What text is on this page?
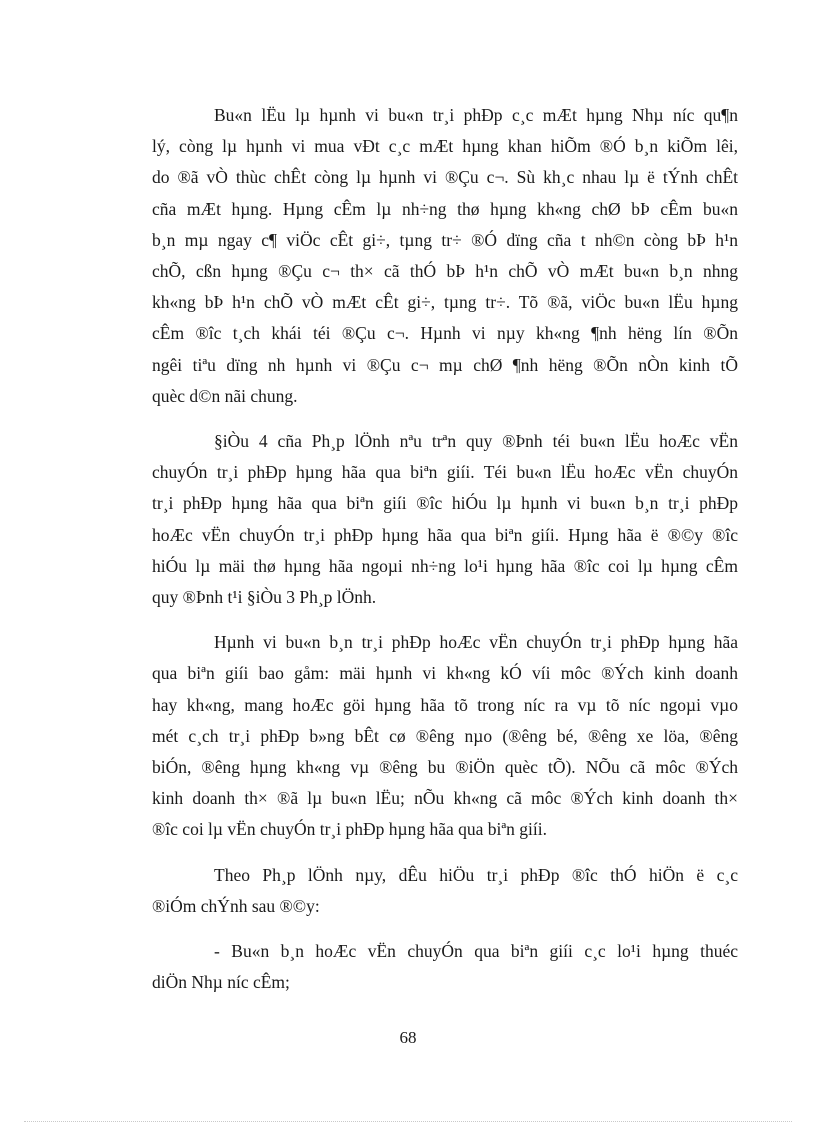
Bu«n lËu lµ hµnh vi bu«n tr¸i phÐp c¸c mÆt hµng Nhµ níc qu¶n
lý, còng lµ hµnh vi mua vÐt c¸c mÆt hµng khan hiÕm ®Ó b¸n kiÕm lêi,
do ®ã vÒ thùc chÊt còng lµ hµnh vi ®Çu c¬. Sù kh¸c nhau lµ ë tÝnh chÊt
cña mÆt hµng. Hµng cÊm lµ nh÷ng thø hµng kh«ng chØ bÞ cÊm bu«n
b¸n mµ ngay c¶ viÖc cÊt gi÷, tµng tr÷ ®Ó dïng cña t nh©n còng bÞ h¹n
chÕ, cßn hµng ®Çu c¬ th× cã thÓ bÞ h¹n chÕ vÒ mÆt bu«n b¸n nhng
kh«ng bÞ h¹n chÕ vÒ mÆt cÊt gi÷, tµng tr÷. Tõ ®ã, viÖc bu«n lËu hµng
cÊm ®îc t¸ch khái téi ®Çu c¬. Hµnh vi nµy kh«ng ¶nh hëng lín ®Õn
ngêi tiªu dïng nh hµnh vi ®Çu c¬ mµ chØ ¶nh hëng ®Õn nÒn kinh tÕ
quèc d©n nãi chung.

§iÒu 4 cña Ph¸p lÖnh nªu trªn quy ®Þnh téi bu«n lËu hoÆc vËn
chuyÓn tr¸i phÐp hµng hãa qua biªn giíi. Téi bu«n lËu hoÆc vËn chuyÓn
tr¸i phÐp hµng hãa qua biªn giíi ®îc hiÓu lµ hµnh vi bu«n b¸n tr¸i phÐp
hoÆc vËn chuyÓn tr¸i phÐp hµng hãa qua biªn giíi. Hµng hãa ë ®©y ®îc
hiÓu lµ mäi thø hµng hãa ngoµi nh÷ng lo¹i hµng hãa ®îc coi lµ hµng cÊm
quy ®Þnh t¹i §iÒu 3 Ph¸p lÖnh.

Hµnh vi bu«n b¸n tr¸i phÐp hoÆc vËn chuyÓn tr¸i phÐp hµng hãa
qua biªn giíi bao gåm: mäi hµnh vi kh«ng kÓ víi môc ®Ých kinh doanh
hay kh«ng, mang hoÆc göi hµng hãa tõ trong níc ra vµ tõ níc ngoµi vµo
mét c¸ch tr¸i phÐp b»ng bÊt cø ®êng nµo (®êng bé, ®êng xe löa, ®êng
biÓn, ®êng hµng kh«ng vµ ®êng bu ®iÖn quèc tÕ). NÕu cã môc ®Ých
kinh doanh th× ®ã lµ bu«n lËu; nÕu kh«ng cã môc ®Ých kinh doanh th×
®îc coi lµ vËn chuyÓn tr¸i phÐp hµng hãa qua biªn giíi.

Theo Ph¸p lÖnh nµy, dÊu hiÖu tr¸i phÐp ®îc thÓ hiÖn ë c¸c
®iÓm chÝnh sau ®©y:

- Bu«n b¸n hoÆc vËn chuyÓn qua biªn giíi c¸c lo¹i hµng thuéc
diÖn Nhµ níc cÊm;

68
